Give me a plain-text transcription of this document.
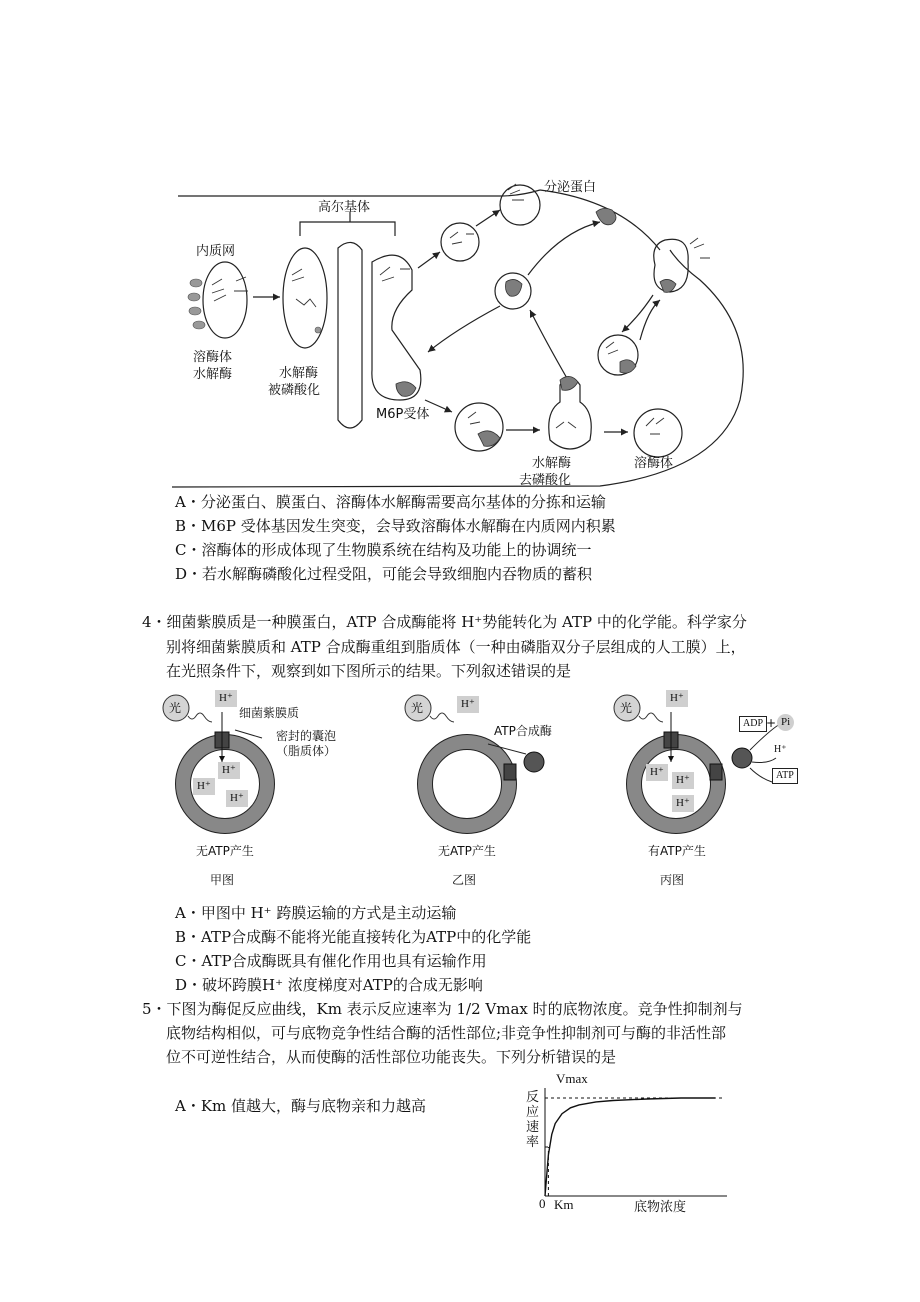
高尔基体
内质网
溶酶体
水解酶	水解酶
被磷酸化
M6P受体
分泌蛋白
水解酶
去磷酸化
溶酶体
A・分泌蛋白、膜蛋白、溶酶体水解酶需要高尔基体的分拣和运输
B・M6P 受体基因发生突变，会导致溶酶体水解酶在内质网内积累
C・溶酶体的形成体现了生物膜系统在结构及功能上的协调统一
D・若水解酶磷酸化过程受阻，可能会导致细胞内吞物质的蓄积
4・细菌紫膜质是一种膜蛋白，ATP 合成酶能将 H⁺势能转化为 ATP 中的化学能。科学家分
别将细菌紫膜质和 ATP 合成酶重组到脂质体（一种由磷脂双分子层组成的人工膜）上，
在光照条件下，观察到如下图所示的结果。下列叙述错误的是
光	光	光
H⁺
H⁺
H⁺
H⁺
H⁺	H⁺
H⁺
H⁺
H⁺
H⁺
细菌紫膜质
密封的囊泡
（脂质体）
ATP合成酶
ADP + Pi
ATP
无ATP产生	无ATP产生	有ATP产生
甲图	乙图	丙图
A・甲图中 H⁺ 跨膜运输的方式是主动运输
B・ATP合成酶不能将光能直接转化为ATP中的化学能
C・ATP合成酶既具有催化作用也具有运输作用
D・破坏跨膜H⁺ 浓度梯度对ATP的合成无影响
5・下图为酶促反应曲线，Km 表示反应速率为 1/2 Vmax 时的底物浓度。竞争性抑制剂与
底物结构相似，可与底物竞争性结合酶的活性部位;非竞争性抑制剂可与酶的非活性部
位不可逆性结合，从而使酶的活性部位功能丧失。下列分析错误的是
A・Km 值越大，酶与底物亲和力越高
反
应
速
率
Vmax
0 Km	底物浓度
